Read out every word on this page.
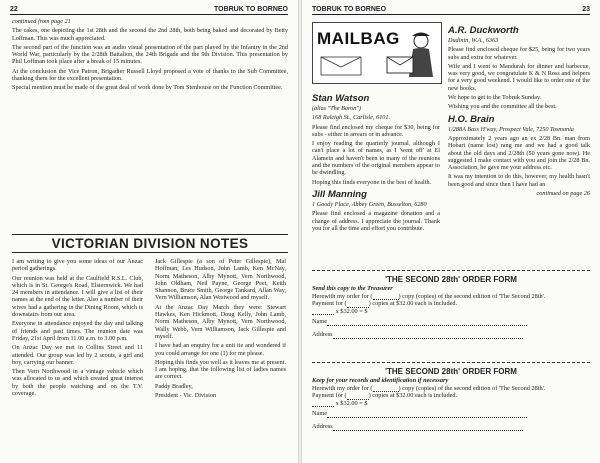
22	TOBRUK TO BORNEO

continued from page 21

The cakes, one depicting the 1st 28th and the second the 2nd 28th, both being baked and decorated by Betty Loffman. This was much appreciated.

The second part of the function was an audio visual presentation of the part played by the Infantry in the 2nd World War, particularly by the 2/28th Battalion, the 24th Brigade and the 9th Division. This presentation by Phil Loffman took place after a break of 15 minutes.

At the conclusion the Vice Patron, Brigadier Russell Lloyd proposed a vote of thanks to the Sub Committee, thanking them for the excellent presentation.

Special mention must be made of the great deal of work done by Tom Stenhouse on the Function Committee.

VICTORIAN DIVISION NOTES

I am writing to give you some ideas of our Anzac period gatherings.

Our reunion was held at the Caulfield R.S.L. Club, which is in St. George's Road, Elsternwick. We had 24 members in attendance. I will give a list of their names at the end of the letter. Also a number of their wives had a gathering in the Dining Room, which is downstairs from our area.

Everyone in attendance enjoyed the day and talking of friends and past times. The reunion date was Friday, 21st April from 11.00 a.m. to 3.00 p.m.

On Anzac Day we met in Collins Street and 11 attended. Our group was led by 2 scouts, a girl and boy, carrying our banner.

Then Vern Northwood in a vintage vehicle which was allocated to us and which created great interest by both the people watching and on the T.V. coverage.

Jack Gillespie (a son of Peter Gillespie), Mal Hoffman, Les Hudson, John Lamb, Ken McNay, Norm Matheson, Alby Mynott, Vern Northwood, John Oldham, Neil Payne, George Peet, Keith Shannon, Bruce Smith, George Tankard, Allan Way, Vern Williamson, Alan Westwood and myself.

At the Anzac Day March they were: Stewart Hawkes, Ken Hickmott, Doug Kelly, John Lamb, Norm Matheson, Alby Mynott, Vern Northwood, Wally Webb, Vern Williamson, Jack Gillespie and myself.

I have had an enquiry for a unit tie and wondered if you could arrange for one (1) for me please.

Hoping this finds you well as it leaves me at present. I am hoping, that the following list of ladies names are correct.

Paddy Bradley,

President - Vic. Division

TOBRUK TO BORNEO	23
MAILBAG
Stan Watson

(alias "The Baron")

168 Raleigh St., Carlisle, 6101.

Please find enclosed my cheque for $30, being for subs - either in arrears or in advance.

I enjoy reading the quarterly journal, although I can't place a lot of names, as I 'went off' at El Alamein and haven't been to many of the reunions and the numbers of the original members appear to be dwindling.

Hoping this finds everyone in the best of health.

Jill Manning

1 Goody Place, Abbey Green, Busselton, 6280

Please find enclosed a magazine donation and a change of address. I appreciate the journal. Thank you for all the time and effort you contribute.

A.R. Duckworth

Dudinin, W.A., 6363

Please find enclosed cheque for $25, being for two years subs and extra for whatever.

Wife and I went to Mandurah for dinner and barbecue, was very good, we congratulate K & N Ross and helpers for a very good weekend. I would like to order one of the new books.

We hope to get to the Tobruk Sunday.

Wishing you and the committee all the best.

H.O. Brain

1/288A Bass H'way, Prospect Vale, 7250 Tasmania

Approximately 2 years ago an ex 2/28 Bn. man from Hobart (name lost) rang me and we had a good talk about the old days and 2/28th (50 years gone now). He suggested I make contact with you and join the 2/28 Bn. Association, he gave me your address etc.

It was my intention to do this, however, my health hasn't been good and since then I have had an

continued on page 26

'THE SECOND 28th' ORDER FORM
Send this copy to the Treasurer
Herewith my order for (	) copy (copies) of the second edition of 'The Second 28th'.
Payment for (	) copies at $32.00 each is included.
x $32.00 = $
Name
Address
'THE SECOND 28th' ORDER FORM
Keep for your records and identification if necessary
Herewith my order for (	) copy (copies) of the second edition of 'The Second 28th'.
Payment for (	) copies at $32.00 each is included.
x $32.00 = $
Name
Address
